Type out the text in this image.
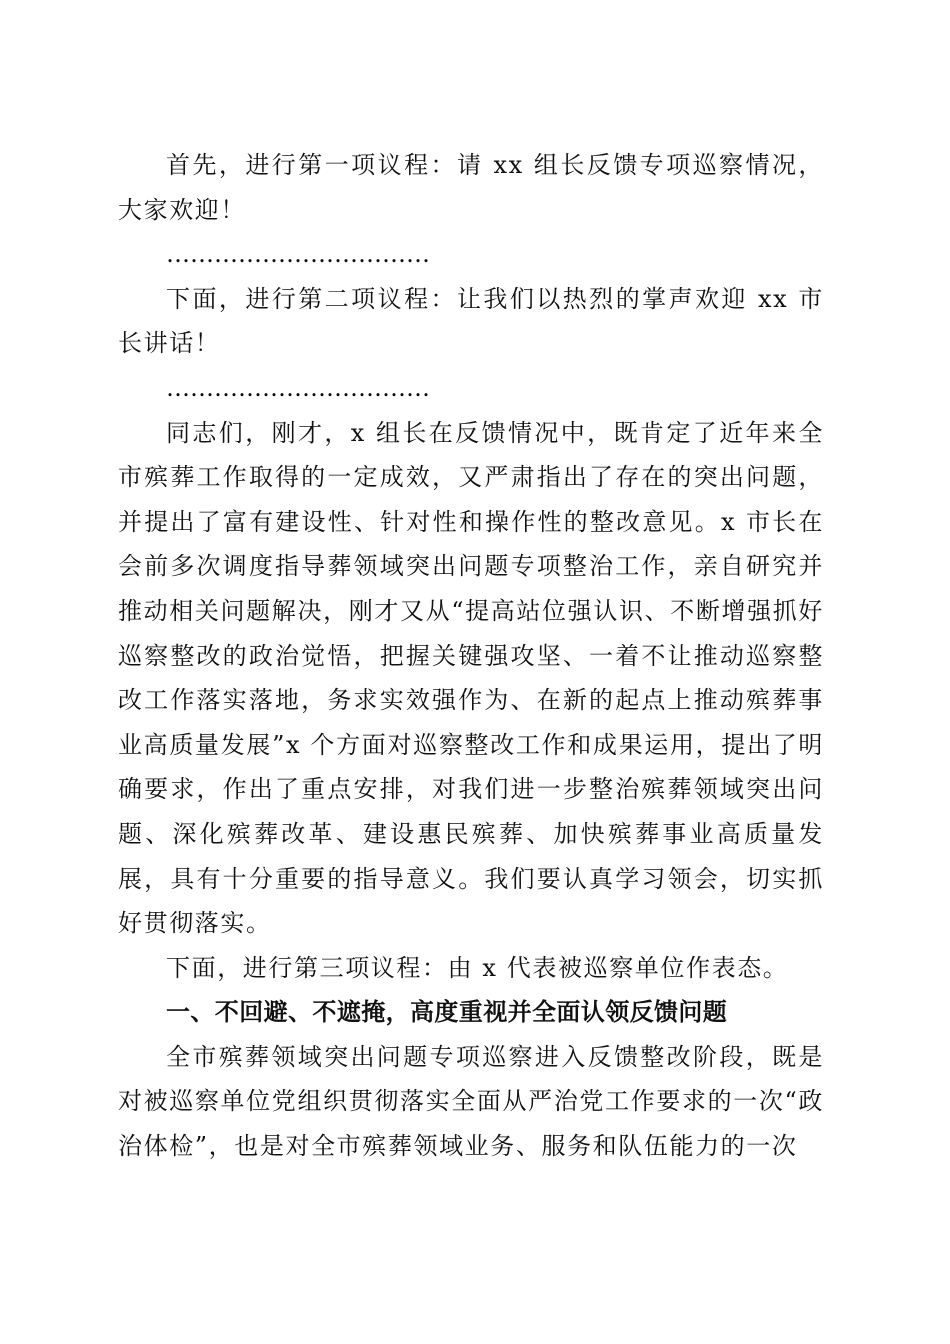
首先，进行第一项议程：请 xx 组长反馈专项巡察情况，大家欢迎！

……………………………

下面，进行第二项议程：让我们以热烈的掌声欢迎 xx 市长讲话！

……………………………

同志们，刚才，x 组长在反馈情况中，既肯定了近年来全市殡葬工作取得的一定成效，又严肃指出了存在的突出问题，并提出了富有建设性、针对性和操作性的整改意见。x 市长在会前多次调度指导葬领域突出问题专项整治工作，亲自研究并推动相关问题解决，刚才又从“提高站位强认识、不断增强抓好巡察整改的政治觉悟，把握关键强攻坚、一着不让推动巡察整改工作落实落地，务求实效强作为、在新的起点上推动殡葬事业高质量发展”x 个方面对巡察整改工作和成果运用，提出了明确要求，作出了重点安排，对我们进一步整治殡葬领域突出问题、深化殡葬改革、建设惠民殡葬、加快殡葬事业高质量发展，具有十分重要的指导意义。我们要认真学习领会，切实抓好贯彻落实。

下面，进行第三项议程：由 x 代表被巡察单位作表态。

一、不回避、不遮掩，高度重视并全面认领反馈问题

全市殡葬领域突出问题专项巡察进入反馈整改阶段，既是对被巡察单位党组织贯彻落实全面从严治党工作要求的一次“政治体检”，也是对全市殡葬领域业务、服务和队伍能力的一次
